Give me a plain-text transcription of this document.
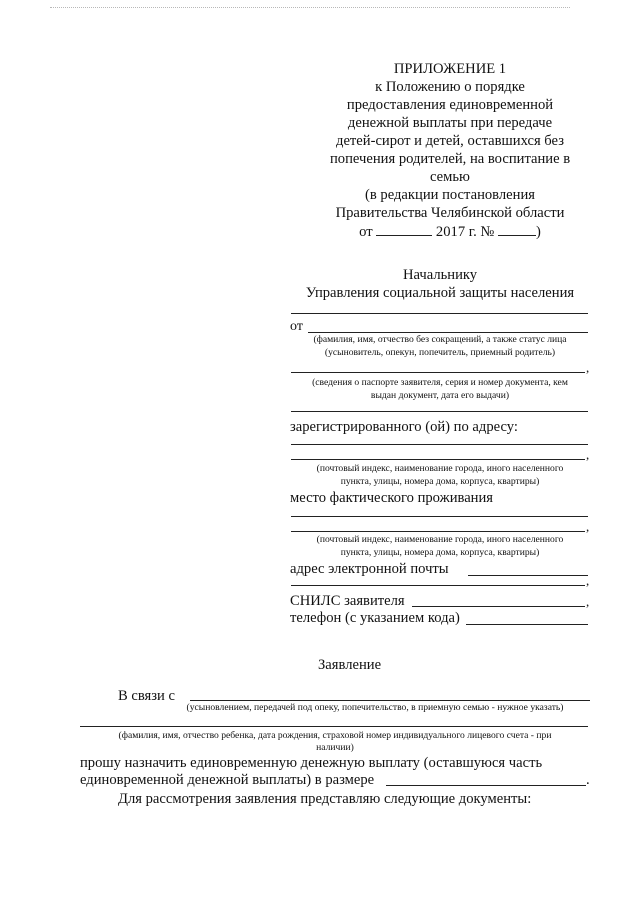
ПРИЛОЖЕНИЕ 1
к Положению о порядке
предоставления единовременной
денежной выплаты при передаче
детей-сирот и детей, оставшихся без
попечения родителей, на воспитание в
семью
(в редакции постановления
Правительства Челябинской области
от	2017 г. №	)
Начальнику
Управления социальной защиты населения
от
(фамилия, имя, отчество без сокращений, а также статус лица
(усыновитель, опекун, попечитель, приемный родитель)
,
(сведения о паспорте заявителя, серия и номер документа, кем
выдан документ, дата его выдачи)
зарегистрированного (ой) по адресу:
,
(почтовый индекс, наименование города, иного населенного
пункта, улицы, номера дома, корпуса, квартиры)
место фактического проживания
,
(почтовый индекс, наименование города, иного населенного
пункта, улицы, номера дома, корпуса, квартиры)
адрес электронной почты
,
СНИЛС заявителя	,
телефон (с указанием кода)
Заявление
В связи с
(усыновлением, передачей под опеку, попечительство, в приемную семью - нужное указать)
(фамилия, имя, отчество ребенка, дата рождения, страховой номер индивидуального лицевого счета - при
наличии)
прошу назначить единовременную денежную выплату (оставшуюся часть
единовременной денежной выплаты) в размере	.
Для рассмотрения заявления представляю следующие документы:
